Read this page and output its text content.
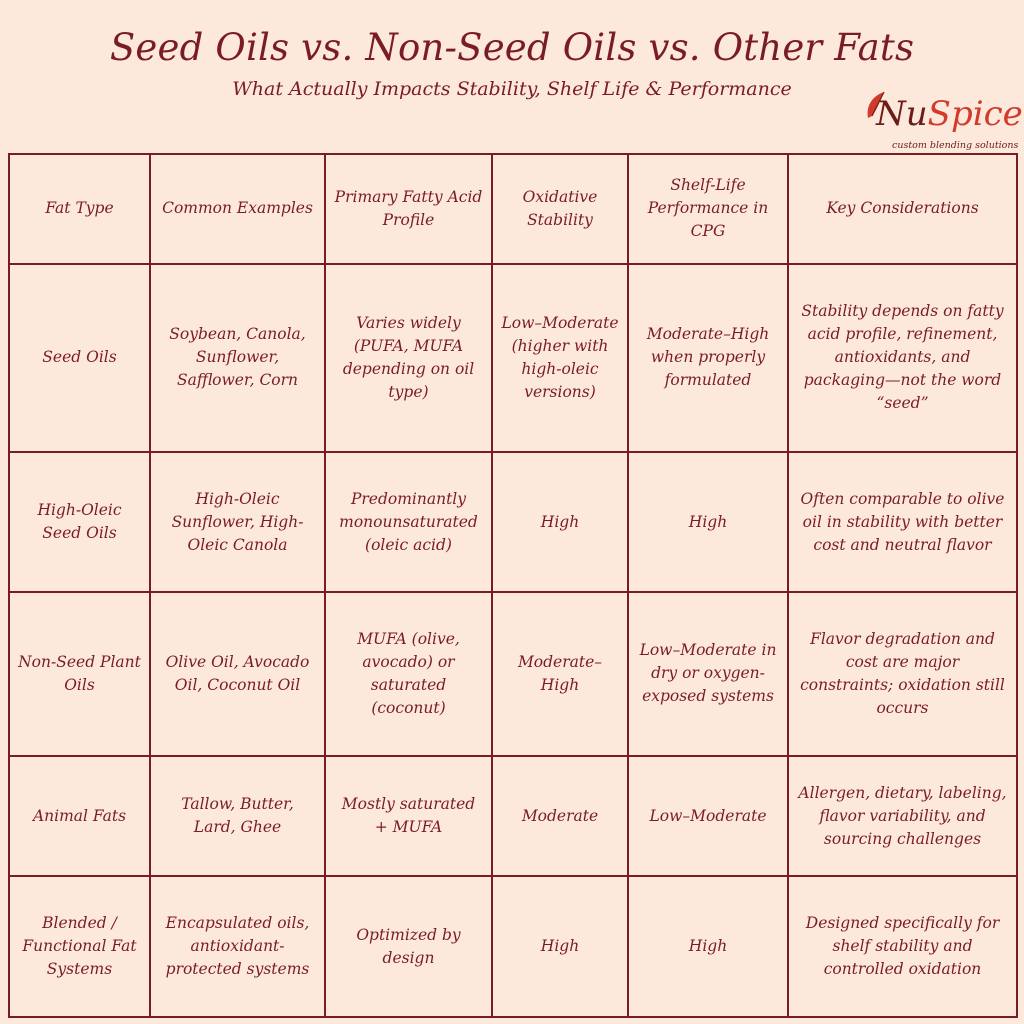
Seed Oils vs. Non-Seed Oils vs. Other Fats
What Actually Impacts Stability, Shelf Life & Performance
NuSpice
custom blending solutions
Fat Type	Common Examples	Primary Fatty Acid Profile	Oxidative Stability	Shelf-Life Performance in CPG	Key Considerations
Seed Oils	Soybean, Canola, Sunflower, Safflower, Corn	Varies widely (PUFA, MUFA depending on oil type)	Low–Moderate (higher with high-oleic versions)	Moderate–High when properly formulated	Stability depends on fatty acid profile, refinement, antioxidants, and packaging—not the word “seed”
High-Oleic Seed Oils	High-Oleic Sunflower, High-Oleic Canola	Predominantly monounsaturated (oleic acid)	High	High	Often comparable to olive oil in stability with better cost and neutral flavor
Non-Seed Plant Oils	Olive Oil, Avocado Oil, Coconut Oil	MUFA (olive, avocado) or saturated (coconut)	Moderate–High	Low–Moderate in dry or oxygen-exposed systems	Flavor degradation and cost are major constraints; oxidation still occurs
Animal Fats	Tallow, Butter, Lard, Ghee	Mostly saturated + MUFA	Moderate	Low–Moderate	Allergen, dietary, labeling, flavor variability, and sourcing challenges
Blended / Functional Fat Systems	Encapsulated oils, antioxidant-protected systems	Optimized by design	High	High	Designed specifically for shelf stability and controlled oxidation
